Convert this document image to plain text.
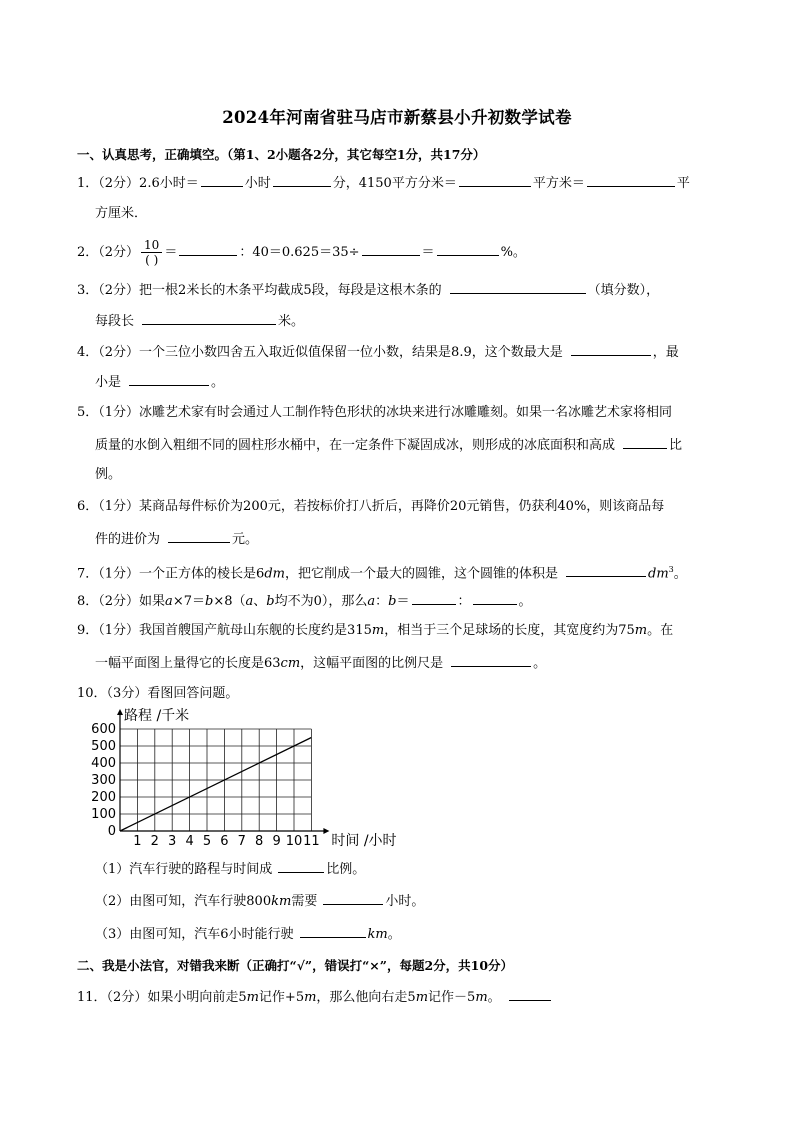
2024年河南省驻马店市新蔡县小升初数学试卷
一、认真思考，正确填空。（第1、2小题各2分，其它每空1分，共17分）
1．（2分）2.6小时＝	小时	分，4150平方分米＝	平方米＝	平
方厘米．
2．（2分） $\frac{10}{( )}$ ＝	：40＝0.625＝35÷	＝	%。
3．（2分）把一根2米长的木条平均截成5段，每段是这根木条的	（填分数），
每段长	米。
4．（2分）一个三位小数四舍五入取近似值保留一位小数，结果是8.9，这个数最大是	，最
小是	。
5．（1分）冰雕艺术家有时会通过人工制作特色形状的冰块来进行冰雕雕刻。如果一名冰雕艺术家将相同
质量的水倒入粗细不同的圆柱形水桶中，在一定条件下凝固成冰，则形成的冰底面积和高成	比
例。
6．（1分）某商品每件标价为200元，若按标价打八折后，再降价20元销售，仍获利40%，则该商品每
件的进价为	元。
7．（1分）一个正方体的棱长是6dm，把它削成一个最大的圆锥，这个圆锥的体积是	$dm^3$。
8．（2分）如果a×7＝b×8（a、b均不为0），那么a：b＝	：	。
9．（1分）我国首艘国产航母山东舰的长度约是315m，相当于三个足球场的长度，其宽度约为75m。在
一幅平面图上量得它的长度是63cm，这幅平面图的比例尺是	。
10．（3分）看图回答问题。
1 2 3 4 5 6 7 8 9 10 11
0
100
200
300
400
500
600
路程 /千米
时间 /小时
（1）汽车行驶的路程与时间成	比例。
（2）由图可知，汽车行驶800km需要	小时。
（3）由图可知，汽车6小时能行驶	km。
二、我是小法官，对错我来断（正确打“√”，错误打“×”，每题2分，共10分）
11．（2分）如果小明向前走5m记作+5m，那么他向右走5m记作－5m。
